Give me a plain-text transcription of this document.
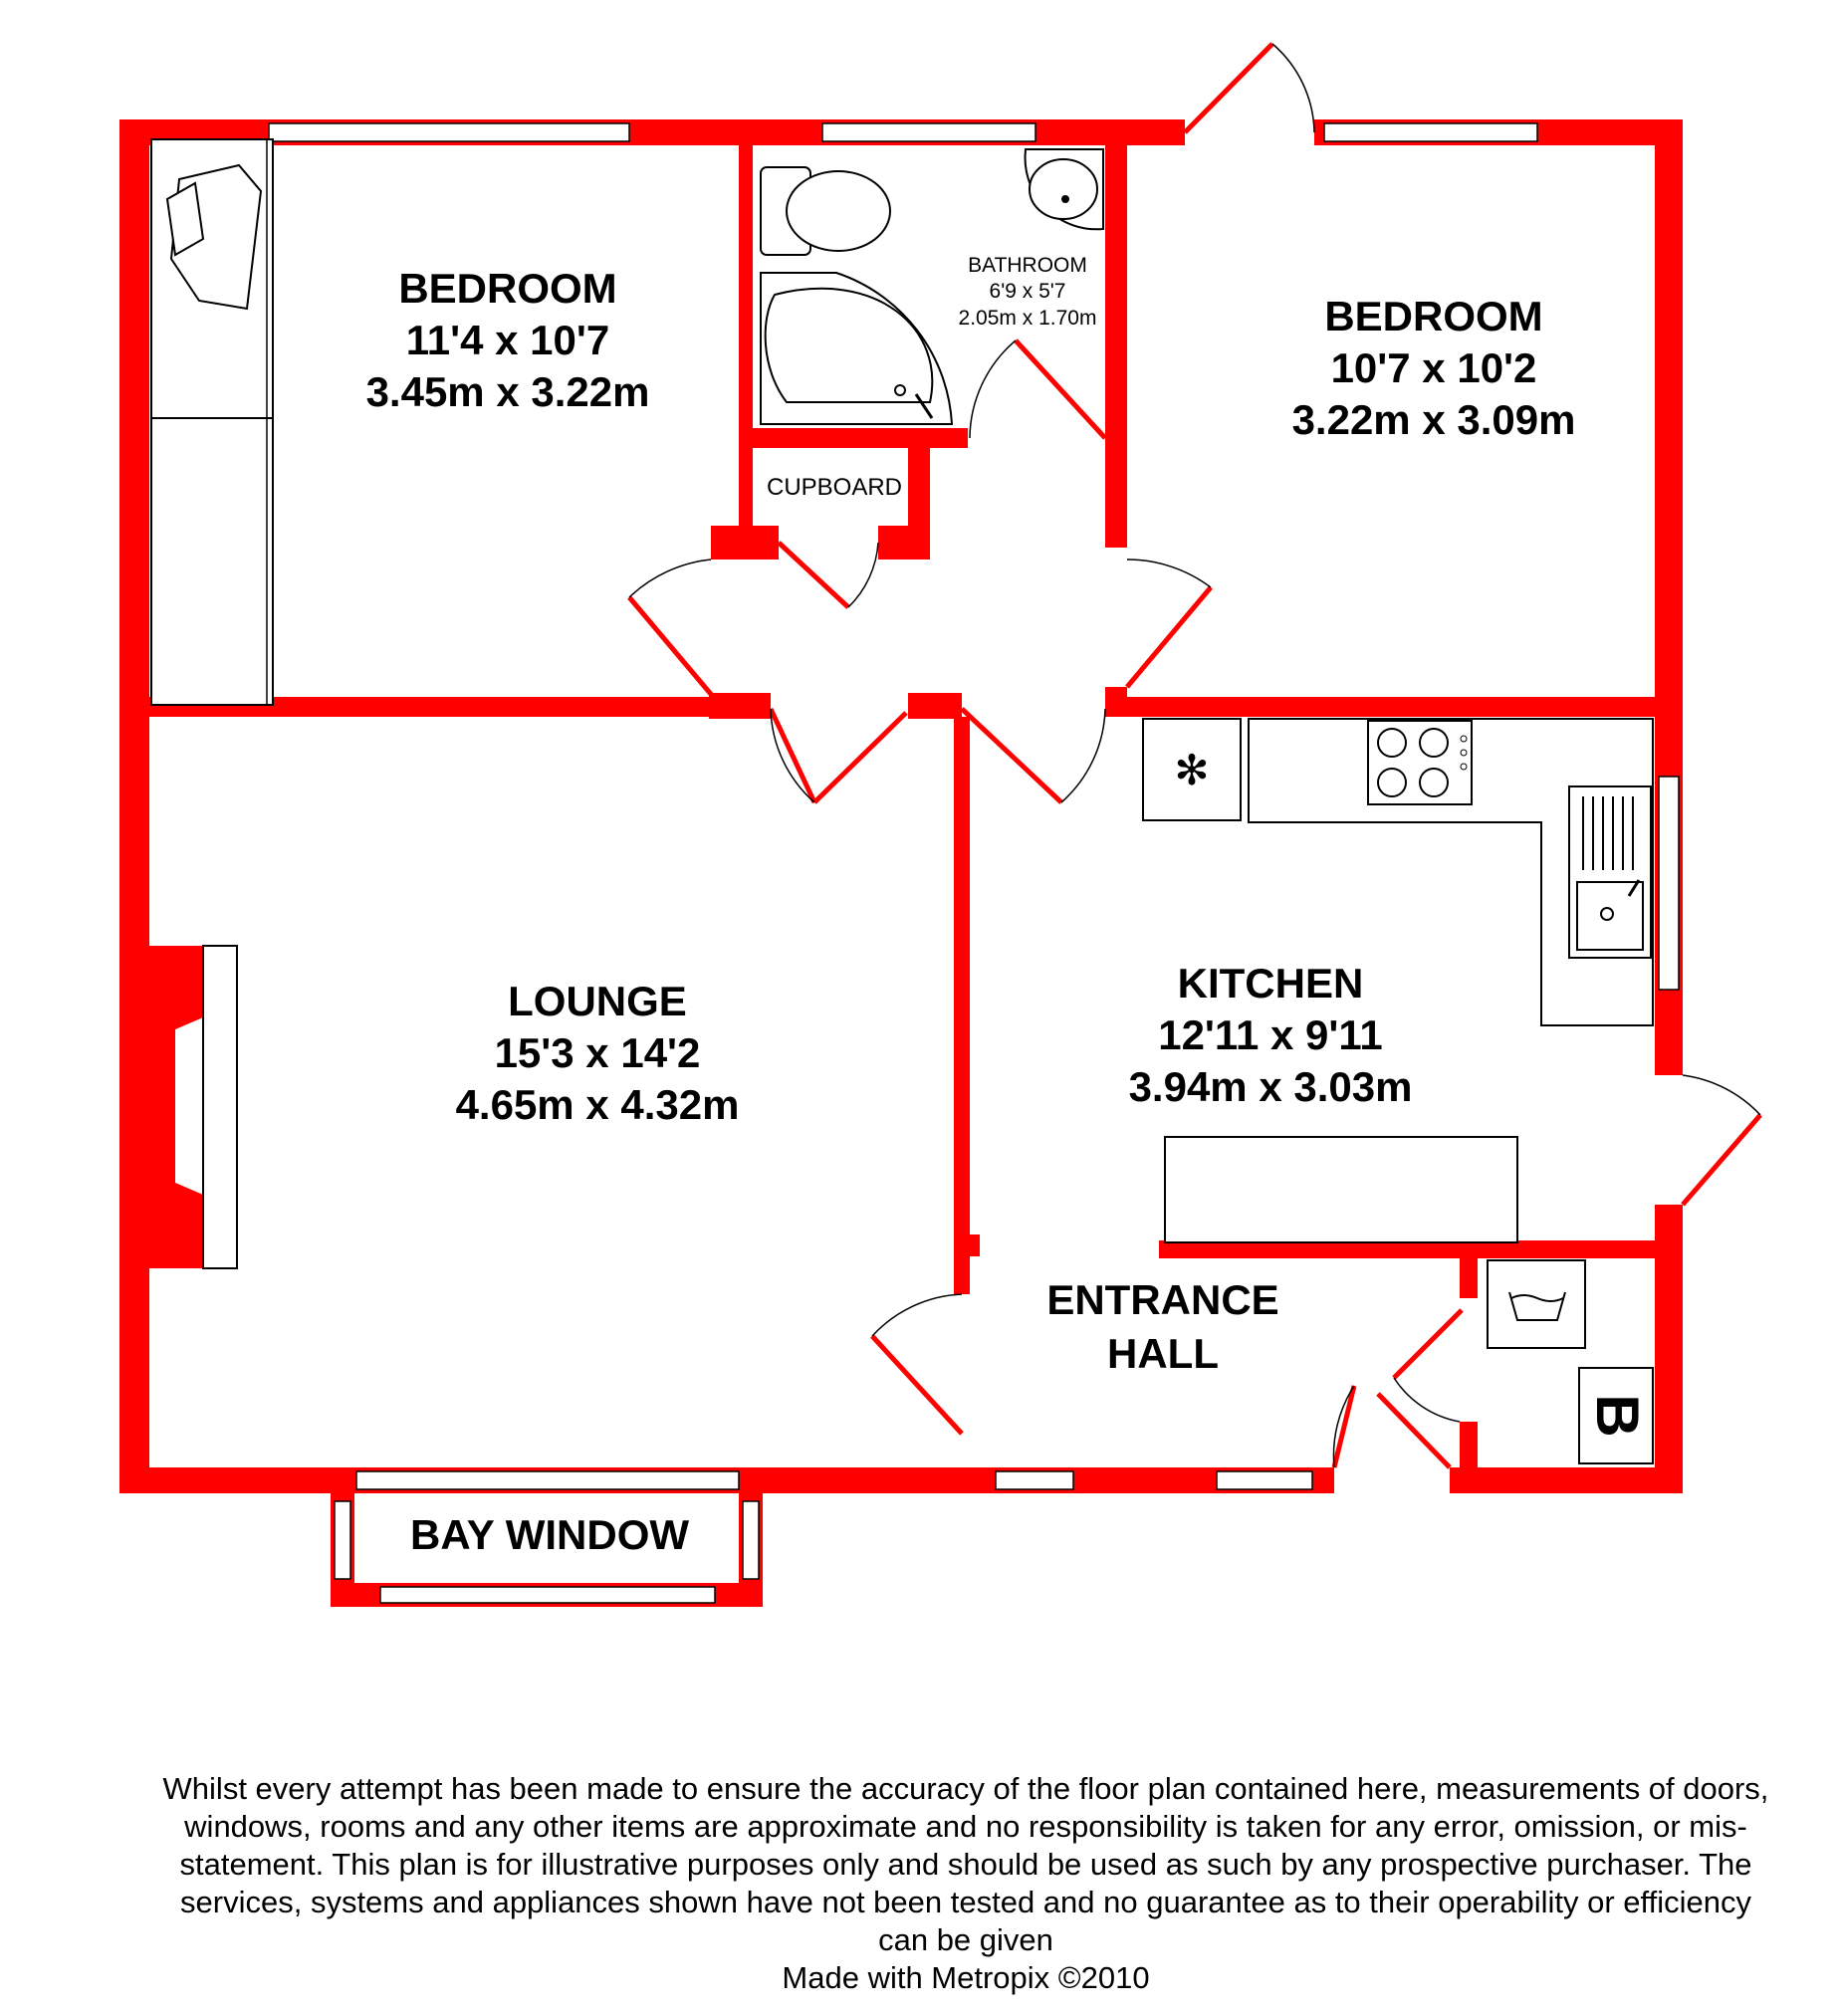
✻
B
BEDROOM
11'4 x 10'7
3.45m x 3.22m
BATHROOM
6'9 x 5'7
2.05m x 1.70m	BEDROOM
10'7 x 10'2
3.22m x 3.09m
CUPBOARD
LOUNGE
15'3 x 14'2
4.65m x 4.32m
KITCHEN
12'11 x 9'11
3.94m x 3.03m
ENTRANCE
HALL
BAY WINDOW
Whilst every attempt has been made to ensure the accuracy of the floor plan contained here, measurements of doors, windows, rooms and any other items are approximate and no responsibility is taken for any error, omission, or mis-statement. This plan is for illustrative purposes only and should be used as such by any prospective purchaser. The services, systems and appliances shown have not been tested and no guarantee as to their operability or efficiency can be given
Made with Metropix ©2010
